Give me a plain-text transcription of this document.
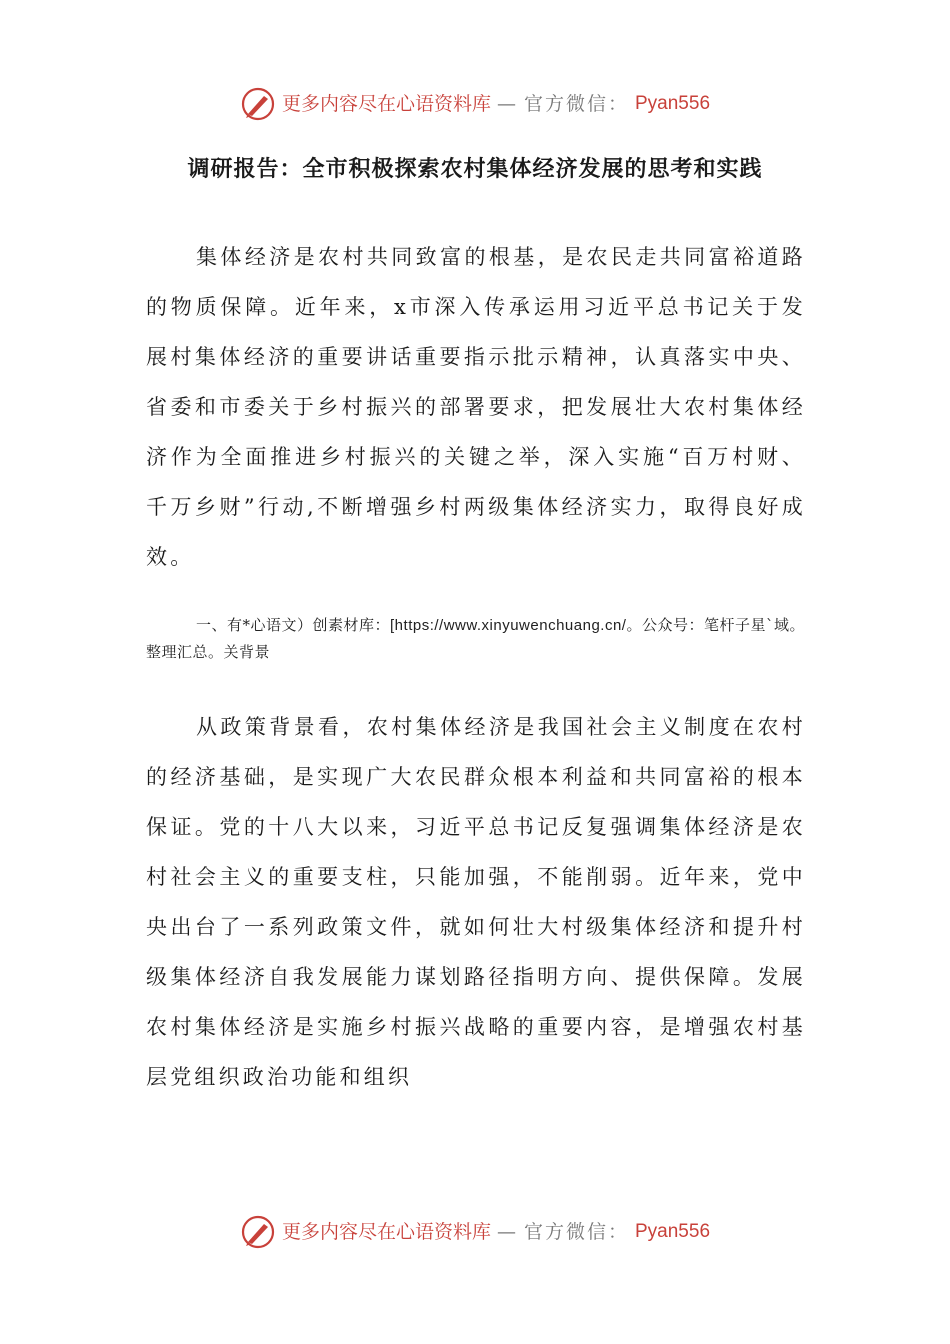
更多内容尽在心语资料库 — 官方微信： Pyan556
调研报告：全市积极探索农村集体经济发展的思考和实践

集体经济是农村共同致富的根基，是农民走共同富裕道路的物质保障。近年来，x市深入传承运用习近平总书记关于发展村集体经济的重要讲话重要指示批示精神，认真落实中央、省委和市委关于乡村振兴的部署要求，把发展壮大农村集体经济作为全面推进乡村振兴的关键之举，深入实施“百万村财、千万乡财”行动,不断增强乡村两级集体经济实力，取得良好成效。

一、有*心语文）创素材库：[https://www.xinyuwenchuang.cn/。公众号：笔杆子星`域。整理汇总。关背景

从政策背景看，农村集体经济是我国社会主义制度在农村的经济基础，是实现广大农民群众根本利益和共同富裕的根本保证。党的十八大以来，习近平总书记反复强调集体经济是农村社会主义的重要支柱，只能加强，不能削弱。近年来，党中央出台了一系列政策文件，就如何壮大村级集体经济和提升村级集体经济自我发展能力谋划路径指明方向、提供保障。发展农村集体经济是实施乡村振兴战略的重要内容，是增强农村基层党组织政治功能和组织

更多内容尽在心语资料库 — 官方微信： Pyan556
